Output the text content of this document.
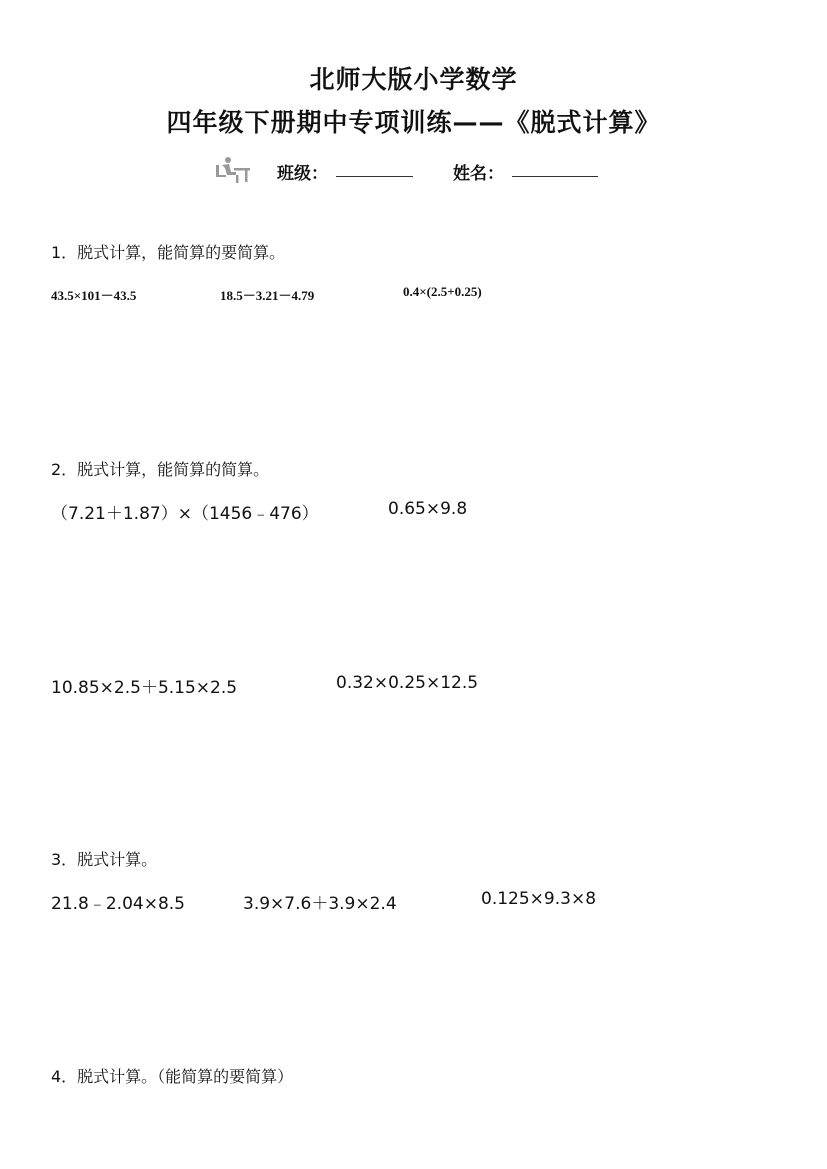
北师大版小学数学
四年级下册期中专项训练——《脱式计算》
班级：	姓名：
1．脱式计算，能简算的要简算。
43.5×101－43.5	18.5－3.21－4.79	0.4×(2.5+0.25)
2．脱式计算，能简算的简算。
（7.21＋1.87）×（1456﹣476）	0.65×9.8
10.85×2.5＋5.15×2.5	0.32×0.25×12.5
3．脱式计算。
21.8﹣2.04×8.5	3.9×7.6＋3.9×2.4	0.125×9.3×8
4．脱式计算。（能简算的要简算）
